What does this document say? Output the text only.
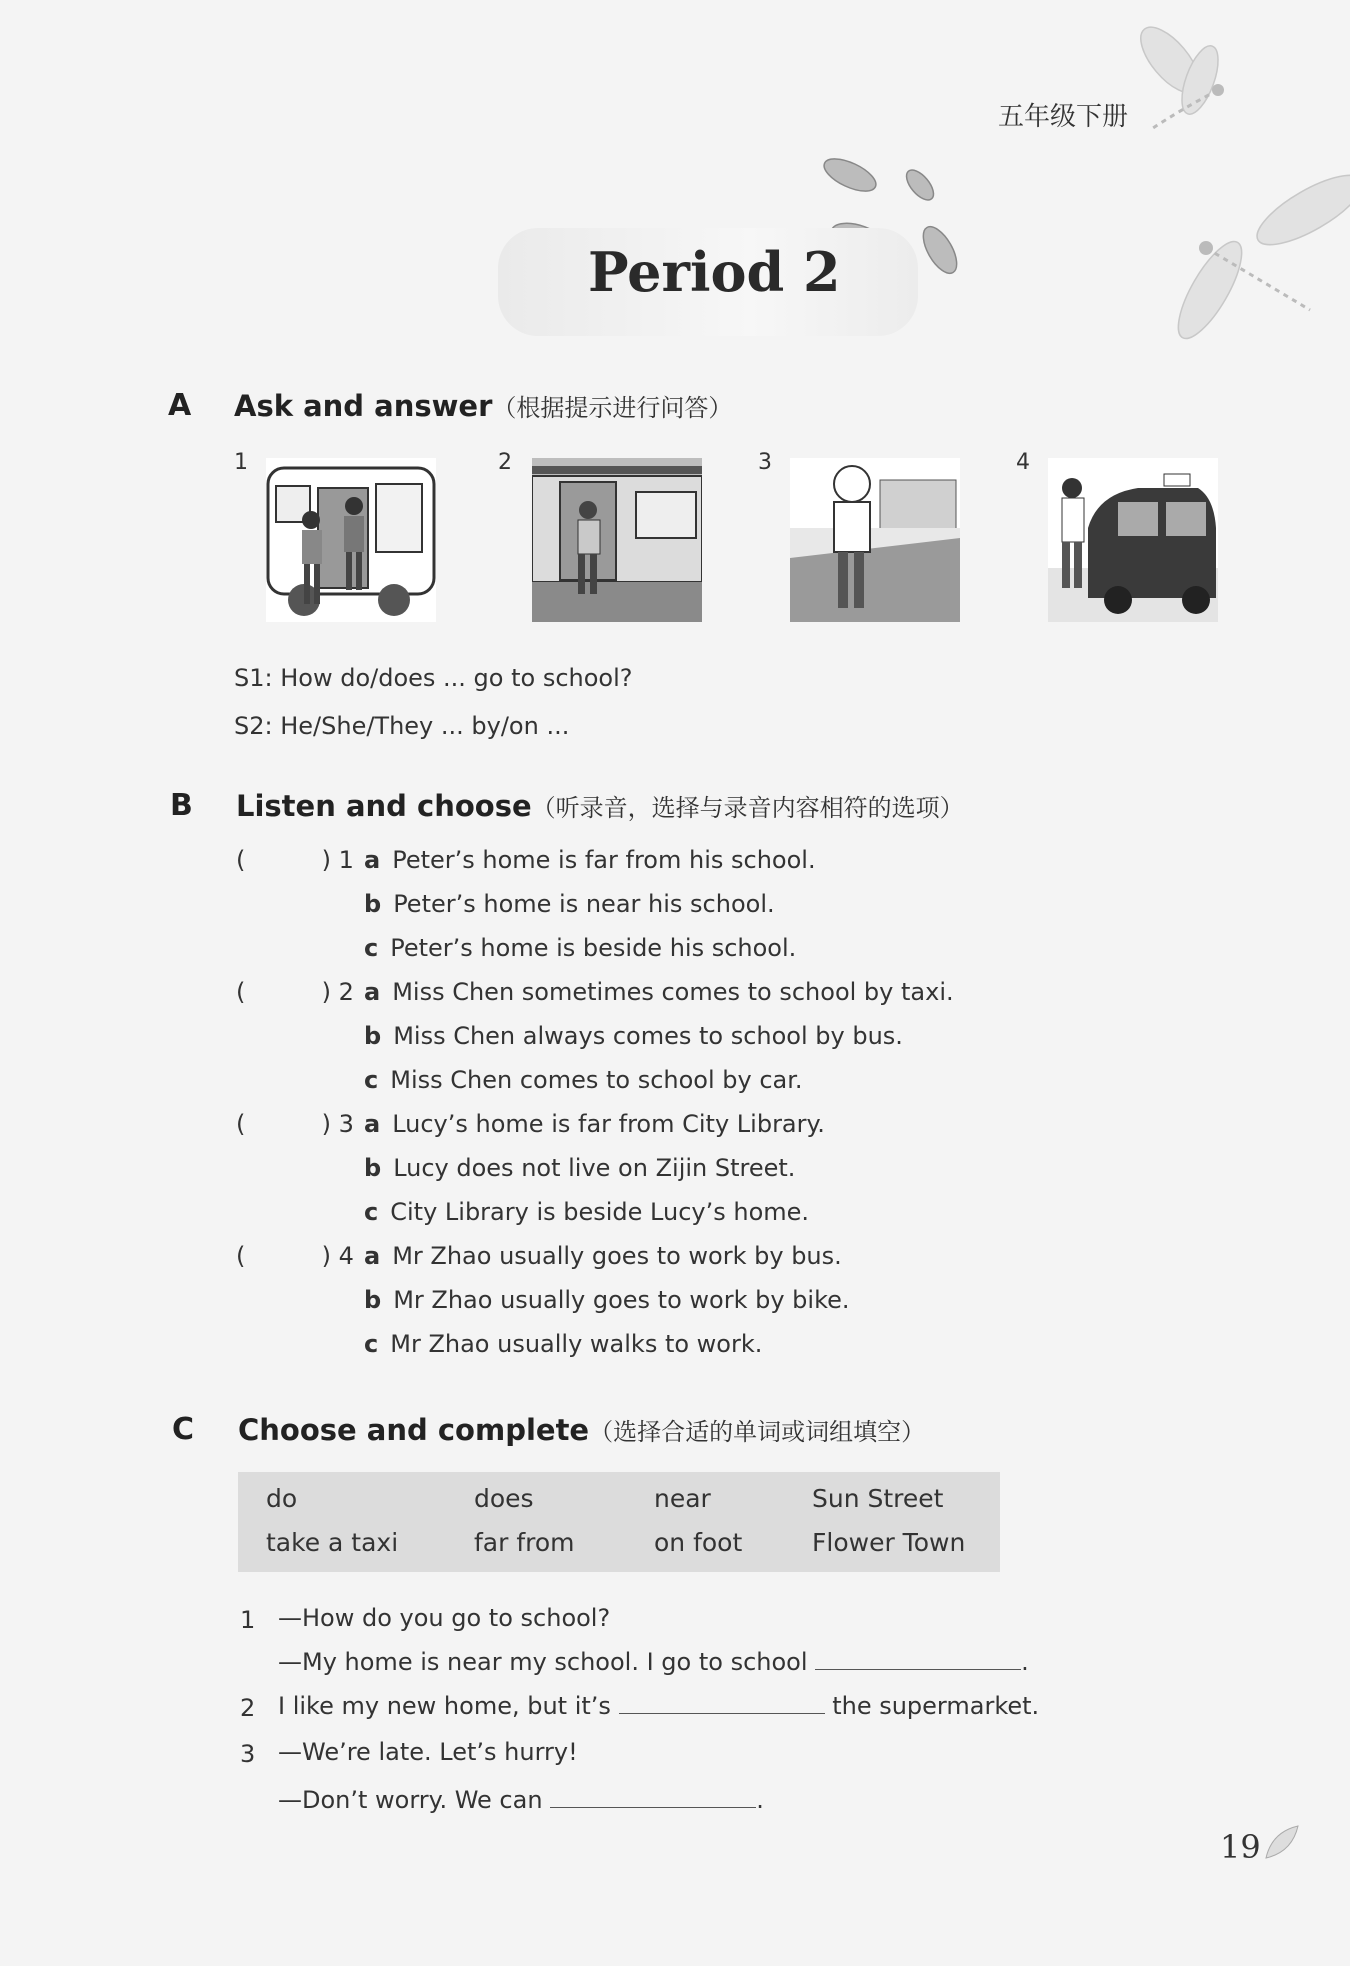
五年级下册
Period 2
A Ask and answer（根据提示进行问答）
1	2	3	4
S1: How do/does ... go to school?
S2: He/She/They ... by/on ...
B Listen and choose（听录音，选择与录音内容相符的选项）
(          ) 1 a Peter’s home is far from his school.
b Peter’s home is near his school.
c Peter’s home is beside his school.
(          ) 2 a Miss Chen sometimes comes to school by taxi.
b Miss Chen always comes to school by bus.
c Miss Chen comes to school by car.
(          ) 3 a Lucy’s home is far from City Library.
b Lucy does not live on Zijin Street.
c City Library is beside Lucy’s home.
(          ) 4 a Mr Zhao usually goes to work by bus.
b Mr Zhao usually goes to work by bike.
c Mr Zhao usually walks to work.
C Choose and complete（选择合适的单词或词组填空）
do	does	near	Sun Street
take a taxi	far from	on foot	Flower Town
1 —How do you go to school?
—My home is near my school. I go to school	.
2 I like my new home, but it’s	the supermarket.
3 —We’re late. Let’s hurry!
—Don’t worry. We can	.
19
